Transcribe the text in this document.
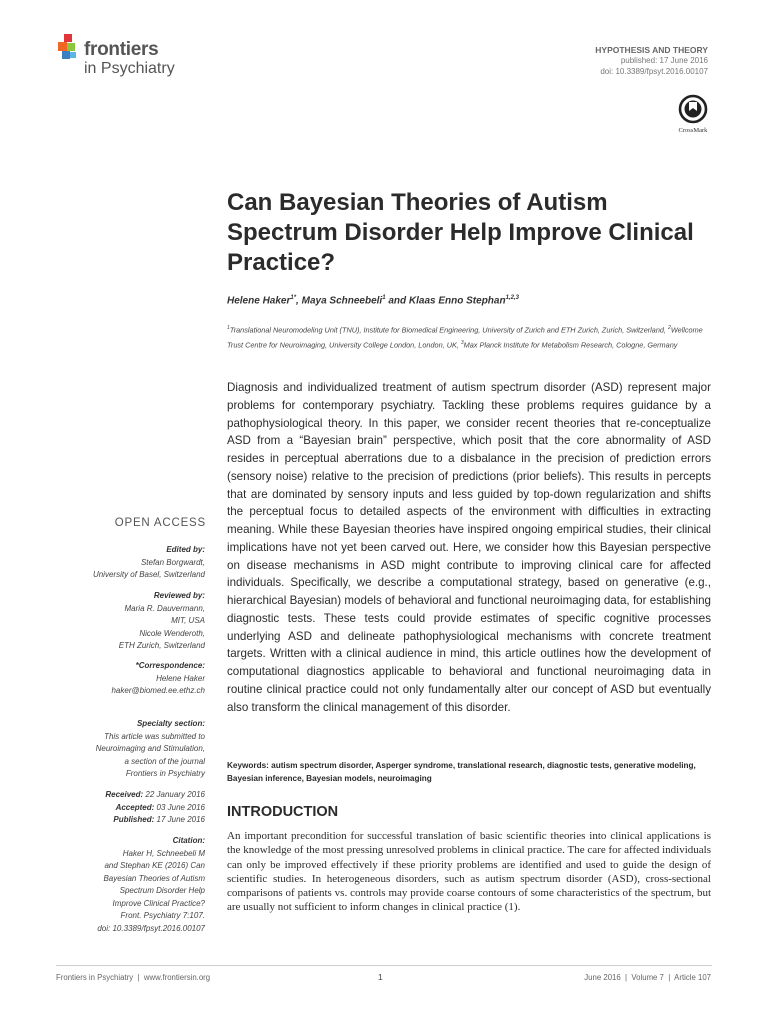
frontiers
in Psychiatry
HYPOTHESIS AND THEORY
published: 17 June 2016
doi: 10.3389/fpsyt.2016.00107
CrossMark
Can Bayesian Theories of Autism Spectrum Disorder Help Improve Clinical Practice?
Helene Haker$^{1*}$, Maya Schneebeli$^1$ and Klaas Enno Stephan$^{1,2,3}$
$^1$Translational Neuromodeling Unit (TNU), Institute for Biomedical Engineering, University of Zurich and ETH Zurich, Zurich, Switzerland, $^2$Wellcome Trust Centre for Neuroimaging, University College London, London, UK, $^3$Max Planck Institute for Metabolism Research, Cologne, Germany
Diagnosis and individualized treatment of autism spectrum disorder (ASD) represent major problems for contemporary psychiatry. Tackling these problems requires guidance by a pathophysiological theory. In this paper, we consider recent theories that re-conceptualize ASD from a “Bayesian brain” perspective, which posit that the core abnormality of ASD resides in perceptual aberrations due to a disbalance in the precision of prediction errors (sensory noise) relative to the precision of predictions (prior beliefs). This results in percepts that are dominated by sensory inputs and less guided by top-down regularization and shifts the perceptual focus to detailed aspects of the environment with difficulties in extracting meaning. While these Bayesian theories have inspired ongoing empirical studies, their clinical implications have not yet been carved out. Here, we consider how this Bayesian perspective on disease mechanisms in ASD might contribute to improving clinical care for affected individuals. Specifically, we describe a computational strategy, based on generative (e.g., hierarchical Bayesian) models of behavioral and functional neuroimaging data, for establishing diagnostic tests. These tests could provide estimates of specific cognitive processes underlying ASD and delineate pathophysiological mechanisms with concrete treatment targets. Written with a clinical audience in mind, this article outlines how the development of computational diagnostics applicable to behavioral and functional neuroimaging data in routine clinical practice could not only fundamentally alter our concept of ASD but eventually also transform the clinical management of this disorder.
Keywords: autism spectrum disorder, Asperger syndrome, translational research, diagnostic tests, generative modeling, Bayesian inference, Bayesian models, neuroimaging
INTRODUCTION
An important precondition for successful translation of basic scientific theories into clinical applications is the knowledge of the most pressing unresolved problems in clinical practice. The care for affected individuals can only be improved effectively if these priority problems are identified and used to guide the design of scientific studies. In heterogeneous disorders, such as autism spectrum disorder (ASD), cross-sectional comparisons of patients vs. controls may provide coarse contours of some characteristics of the spectrum, but are usually not sufficient to inform changes in clinical practice (1).
OPEN ACCESS
Edited by:
Stefan Borgwardt,
University of Basel, Switzerland
Reviewed by:
Maria R. Dauvermann,
MIT, USA
Nicole Wenderoth,
ETH Zurich, Switzerland
*Correspondence:
Helene Haker
haker@biomed.ee.ethz.ch
Specialty section:
This article was submitted to
Neuroimaging and Stimulation,
a section of the journal
Frontiers in Psychiatry
Received: 22 January 2016
Accepted: 03 June 2016
Published: 17 June 2016
Citation:
Haker H, Schneebeli M
and Stephan KE (2016) Can
Bayesian Theories of Autism
Spectrum Disorder Help
Improve Clinical Practice?
Front. Psychiatry 7:107.
doi: 10.3389/fpsyt.2016.00107
Frontiers in Psychiatry  |  www.frontiersin.org	1	June 2016  |  Volume 7  |  Article 107
